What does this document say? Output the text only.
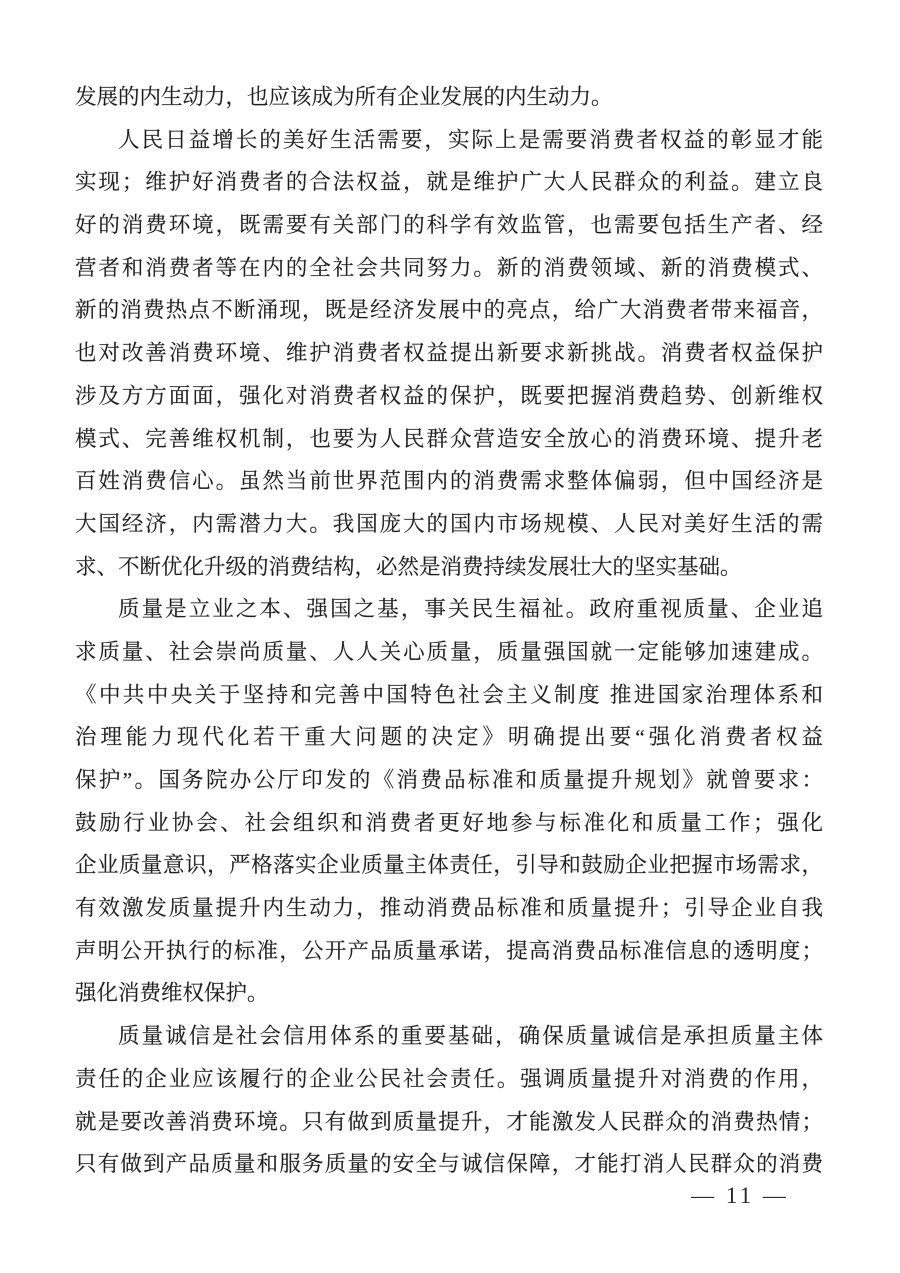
发展的内生动力，也应该成为所有企业发展的内生动力。
人民日益增长的美好生活需要，实际上是需要消费者权益的彰显才能
实现；维护好消费者的合法权益，就是维护广大人民群众的利益。建立良
好的消费环境，既需要有关部门的科学有效监管，也需要包括生产者、经
营者和消费者等在内的全社会共同努力。新的消费领域、新的消费模式、
新的消费热点不断涌现，既是经济发展中的亮点，给广大消费者带来福音，
也对改善消费环境、维护消费者权益提出新要求新挑战。消费者权益保护
涉及方方面面，强化对消费者权益的保护，既要把握消费趋势、创新维权
模式、完善维权机制，也要为人民群众营造安全放心的消费环境、提升老
百姓消费信心。虽然当前世界范围内的消费需求整体偏弱，但中国经济是
大国经济，内需潜力大。我国庞大的国内市场规模、人民对美好生活的需
求、不断优化升级的消费结构，必然是消费持续发展壮大的坚实基础。
质量是立业之本、强国之基，事关民生福祉。政府重视质量、企业追
求质量、社会崇尚质量、人人关心质量，质量强国就一定能够加速建成。
《中共中央关于坚持和完善中国特色社会主义制度 推进国家治理体系和
治理能力现代化若干重大问题的决定》明确提出要“强化消费者权益
保护”。国务院办公厅印发的《消费品标准和质量提升规划》就曾要求：
鼓励行业协会、社会组织和消费者更好地参与标准化和质量工作；强化
企业质量意识，严格落实企业质量主体责任，引导和鼓励企业把握市场需求，
有效激发质量提升内生动力，推动消费品标准和质量提升；引导企业自我
声明公开执行的标准，公开产品质量承诺，提高消费品标准信息的透明度；
强化消费维权保护。
质量诚信是社会信用体系的重要基础，确保质量诚信是承担质量主体
责任的企业应该履行的企业公民社会责任。强调质量提升对消费的作用，
就是要改善消费环境。只有做到质量提升，才能激发人民群众的消费热情；
只有做到产品质量和服务质量的安全与诚信保障，才能打消人民群众的消费
— 11 —
